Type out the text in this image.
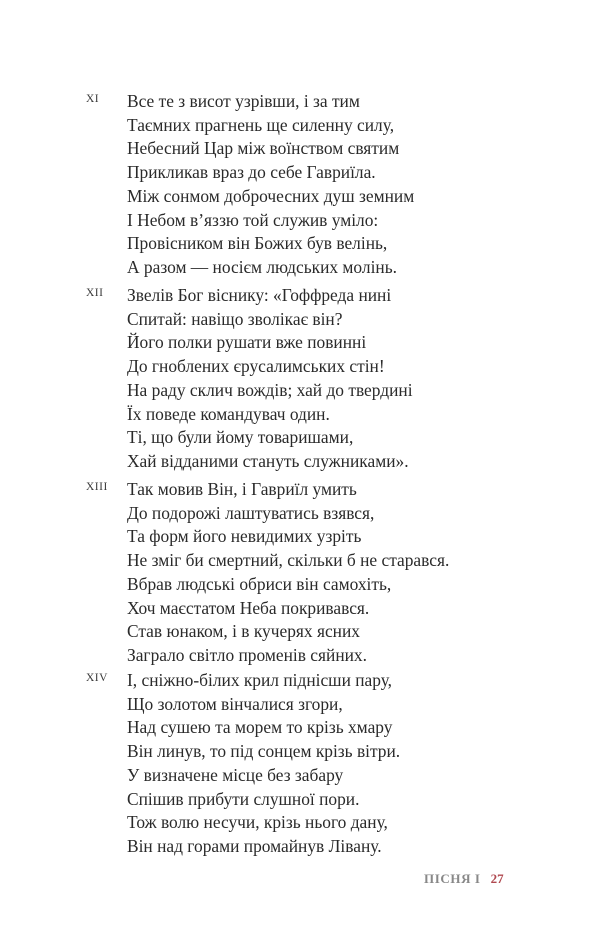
XI Все те з висот узрівши, і за тим
Таємних прагнень ще силенну силу,
Небесний Цар між воїнством святим
Прикликав враз до себе Гавриїла.
Між сонмом доброчесних душ земним
І Небом в’яззю той служив уміло:
Провісником він Божих був велінь,
А разом — носієм людських молінь.
XII Звелів Бог віснику: «Гоффреда нині
Спитай: навіщо зволікає він?
Його полки рушати вже повинні
До гноблених єрусалимських стін!
На раду склич вождів; хай до твердині
Їх поведе командувач один.
Ті, що були йому товаришами,
Хай відданими стануть служниками».
XIII Так мовив Він, і Гавриїл умить
До подорожі лаштуватись взявся,
Та форм його невидимих узріть
Не зміг би смертний, скільки б не старався.
Вбрав людські обриси він самохіть,
Хоч маєстатом Неба покривався.
Став юнаком, і в кучерях ясних
Заграло світло променів сяйних.
XIV І, сніжно-білих крил піднісши пару,
Що золотом вінчалися згори,
Над сушею та морем то крізь хмару
Він линув, то під сонцем крізь вітри.
У визначене місце без забару
Спішив прибути слушної пори.
Тож волю несучи, крізь нього дану,
Він над горами промайнув Лівану.
ПІСНЯ І 27
